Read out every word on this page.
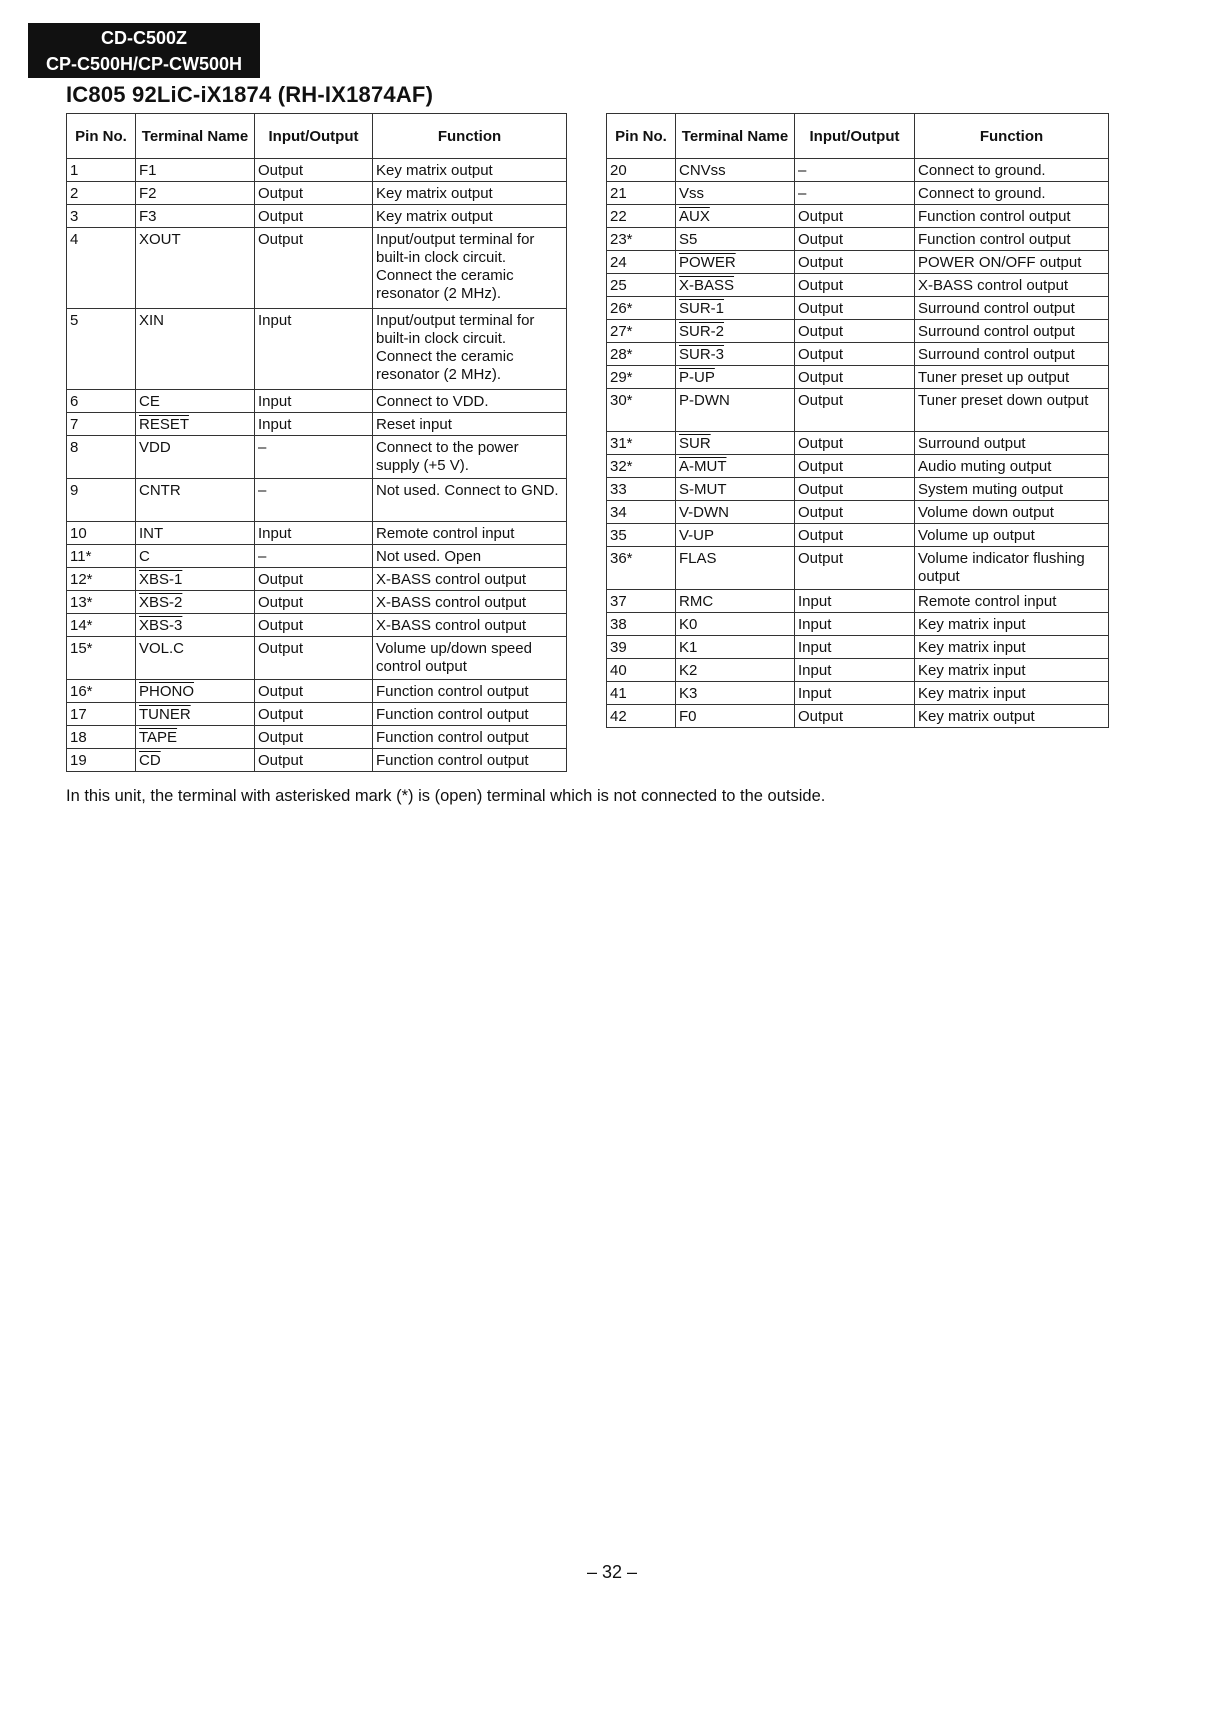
CD-C500Z
CP-C500H/CP-CW500H
IC805 92LiC-iX1874 (RH-IX1874AF)
Pin No.	Terminal Name	Input/Output	Function
1	F1	Output	Key matrix output
2	F2	Output	Key matrix output
3	F3	Output	Key matrix output
4	XOUT	Output	Input/output terminal for built-in clock circuit. Connect the ceramic resonator (2 MHz).
5	XIN	Input	Input/output terminal for built-in clock circuit. Connect the ceramic resonator (2 MHz).
6	CE	Input	Connect to VDD.
7	RESET	Input	Reset input
8	VDD	–	Connect to the power supply (+5 V).
9	CNTR	–	Not used. Connect to GND.
10	INT	Input	Remote control input
11*	C	–	Not used. Open
12*	XBS-1	Output	X-BASS control output
13*	XBS-2	Output	X-BASS control output
14*	XBS-3	Output	X-BASS control output
15*	VOL.C	Output	Volume up/down speed control output
16*	PHONO	Output	Function control output
17	TUNER	Output	Function control output
18	TAPE	Output	Function control output
19	$\overline{CD}$	Output	Function control output
Pin No.	Terminal Name	Input/Output	Function
20	CNVss	–	Connect to ground.
21	Vss	–	Connect to ground.
22	$\overline{AUX}$	Output	Function control output
23*	S5	Output	Function control output
24	POWER	Output	POWER ON/OFF output
25	X-BASS	Output	X-BASS control output
26*	SUR-1	Output	Surround control output
27*	SUR-2	Output	Surround control output
28*	SUR-3	Output	Surround control output
29*	P-UP	Output	Tuner preset up output
30*	P-DWN	Output	Tuner preset down output
31*	$\overline{SUR}$	Output	Surround output
32*	A-MUT	Output	Audio muting output
33	S-MUT	Output	System muting output
34	V-DWN	Output	Volume down output
35	V-UP	Output	Volume up output
36*	FLAS	Output	Volume indicator flushing output
37	RMC	Input	Remote control input
38	K0	Input	Key matrix input
39	K1	Input	Key matrix input
40	K2	Input	Key matrix input
41	K3	Input	Key matrix input
42	F0	Output	Key matrix output
In this unit, the terminal with asterisked mark (*) is (open) terminal which is not connected to the outside.
– 32 –
